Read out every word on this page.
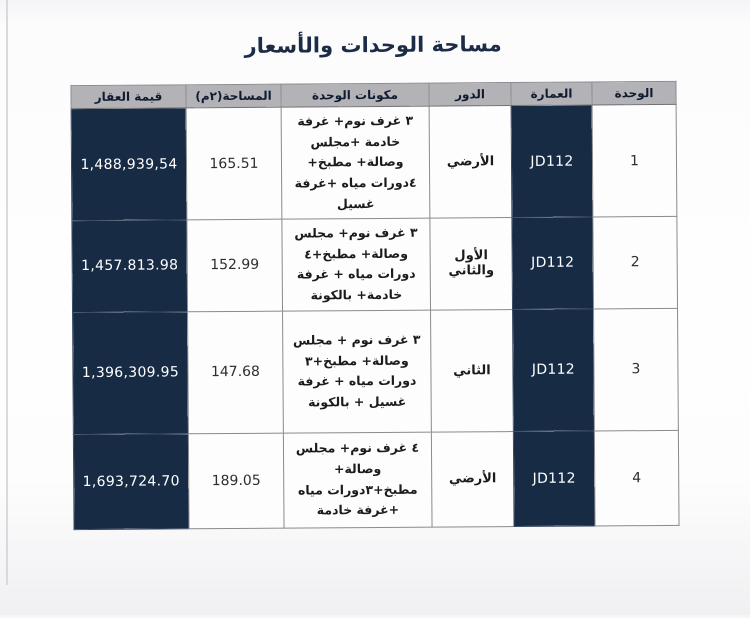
مساحة الوحدات والأسعار
الوحدة	العمارة	الدور	مكونات الوحدة	المساحة(٢م)	قيمة العقار
1	JD112	الأرضي	٣ غرف نوم+ غرفة خادمة +مجلس وصالة+ مطبخ+ ٤دورات مياه +غرفة غسيل	165.51	1,488,939,54
2	JD112	الأول والثاني	٣ غرف نوم+ مجلس وصالة+ مطبخ+٤ دورات مياه + غرفة خادمة+ بالكونة	152.99	1,457.813.98
3	JD112	الثاني	٣ غرف نوم + مجلس وصالة+ مطبخ+٣ دورات مياه + غرفة غسيل + بالكونة	147.68	1,396,309.95
4	JD112	الأرضي	٤ غرف نوم+ مجلس وصالة+ مطبخ+٣دورات مياه +غرفة خادمة	189.05	1,693,724.70
